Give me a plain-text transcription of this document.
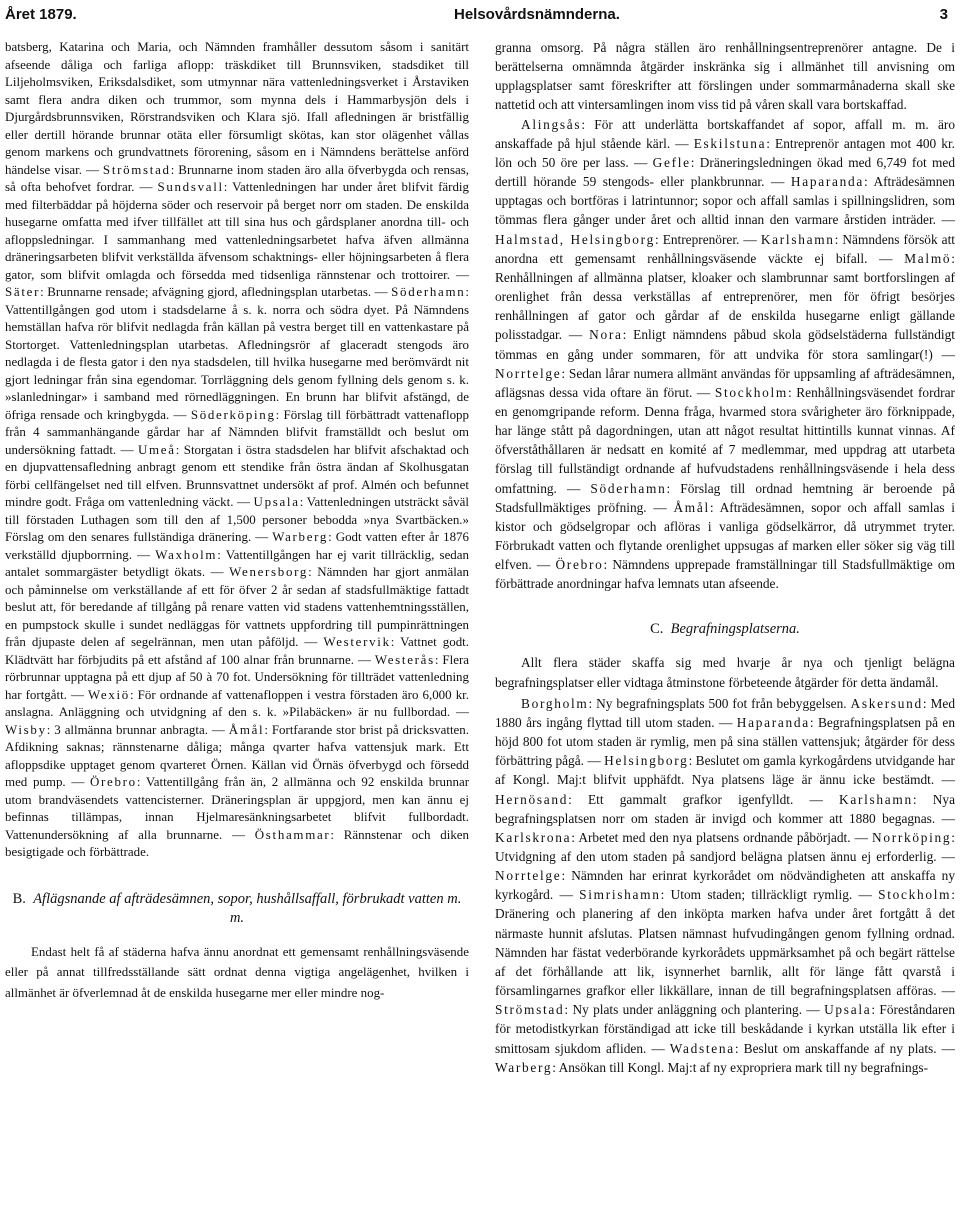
Året 1879.	Helsovårdsnämnderna.	3

batsberg, Katarina och Maria, och Nämnden framhåller dessutom såsom i sanitärt afseende dåliga och farliga aflopp: träskdiket till Brunnsviken, stadsdiket till Liljeholmsviken, Eriksdalsdiket, som utmynnar nära vattenledningsverket i Årstaviken samt flera andra diken och trummor, som mynna dels i Hammarbysjön dels i Djurgårdsbrunnsviken, Rörstrandsviken och Klara sjö. Ifall afledningen är bristfällig eller dertill hörande brunnar otäta eller försumligt skötas, kan stor olägenhet vållas genom markens och grundvattnets förorening, såsom en i Nämndens berättelse anförd händelse visar. — Strömstad: Brunnarne inom staden äro alla öfverbygda och rensas, så ofta behofvet fordrar. — Sundsvall: Vattenledningen har under året blifvit färdig med filterbäddar på höjderna söder och reservoir på berget norr om staden. De enskilda husegarne omfatta med ifver tillfället att till sina hus och gårdsplaner anordna till- och afloppsledningar. I sammanhang med vattenledningsarbetet hafva äfven allmänna dräneringsarbeten blifvit verkställda äfvensom schaktnings- eller höjningsarbeten å flera gator, som blifvit omlagda och försedda med tidsenliga rännstenar och trottoirer. — Säter: Brunnarne rensade; afvägning gjord, afledningsplan utarbetas. — Söderhamn: Vattentillgången god utom i stadsdelarne å s. k. norra och södra dyet. På Nämndens hemställan hafva rör blifvit nedlagda från källan på vestra berget till en vattenkastare på Stortorget. Vattenledningsplan utarbetas. Afledningsrör af glaceradt stengods äro nedlagda i de flesta gator i den nya stadsdelen, till hvilka husegarne med berömvärdt nit gjort ledningar från sina egendomar. Torrläggning dels genom fyllning dels genom s. k. »slanledningar» i samband med rörnedläggningen. En brunn har blifvit afstängd, de öfriga rensade och kringbygda. — Söderköping: Förslag till förbättradt vattenaflopp från 4 sammanhängande gårdar har af Nämnden blifvit framställdt och beslut om undersökning fattadt. — Umeå: Storgatan i östra stadsdelen har blifvit afschaktad och en djupvattensafledning anbragt genom ett stendike från östra ändan af Skolhusgatan förbi cellfängelset ned till elfven. Brunnsvattnet undersökt af prof. Almén och befunnet mindre godt. Fråga om vattenledning väckt. — Upsala: Vattenledningen utsträckt såväl till förstaden Luthagen som till den af 1,500 personer bebodda »nya Svartbäcken.» Förslag om den senares fullständiga dränering. — Warberg: Godt vatten efter år 1876 verkställd djupborrning. — Waxholm: Vattentillgången har ej varit tillräcklig, sedan antalet sommargäster betydligt ökats. — Wenersborg: Nämnden har gjort anmälan och påminnelse om verkställande af ett för öfver 2 år sedan af stadsfullmäktige fattadt beslut att, för beredande af tillgång på renare vatten vid stadens vattenhemtningsställen, en pumpstock skulle i sundet nedläggas för vattnets uppfordring till pumpinrättningen från djupaste delen af segelrännan, men utan påföljd. — Westervik: Vattnet godt. Klädtvätt har förbjudits på ett afstånd af 100 alnar från brunnarne. — Westerås: Flera rörbrunnar upptagna på ett djup af 50 à 70 fot. Undersökning för tillträdet vattenledning har fortgått. — Wexiö: För ordnande af vattenafloppen i vestra förstaden äro 6,000 kr. anslagna. Anläggning och utvidgning af den s. k. »Pilabäcken» är nu fullbordad. — Wisby: 3 allmänna brunnar anbragta. — Åmål: Fortfarande stor brist på dricksvatten. Afdikning saknas; rännstenarne dåliga; många qvarter hafva vattensjuk mark. Ett afloppsdike upptaget genom qvarteret Örnen. Källan vid Örnäs öfverbygd och försedd med pump. — Örebro: Vattentillgång från än, 2 allmänna och 92 enskilda brunnar utom brandväsendets vattencisterner. Dräneringsplan är uppgjord, men kan ännu ej befinnas tillämpas, innan Hjelmaresänkningsarbetet blifvit fullbordadt. Vattenundersökning af alla brunnarne. — Östhammar: Rännstenar och diken besigtigade och förbättrade.

B. Aflägsnande af afträdesämnen, sopor, hushållsaffall, förbrukadt vatten m. m.

Endast helt få af städerna hafva ännu anordnat ett gemensamt renhållningsväsende eller på annat tillfredsställande sätt ordnat denna vigtiga angelägenhet, hvilken i allmänhet är öfverlemnad åt de enskilda husegarne mer eller mindre nog-

granna omsorg. På några ställen äro renhållningsentreprenörer antagne. De i berättelserna omnämnda åtgärder inskränka sig i allmänhet till anvisning om upplagsplatser samt föreskrifter att förslingen under sommarmånaderna skall ske nattetid och att vintersamlingen inom viss tid på våren skall vara bortskaffad.

Alingsås: För att underlätta bortskaffandet af sopor, affall m. m. äro anskaffade på hjul stående kärl. — Eskilstuna: Entreprenör antagen mot 400 kr. lön och 50 öre per lass. — Gefle: Dräneringsledningen ökad med 6,749 fot med dertill hörande 59 stengods- eller plankbrunnar. — Haparanda: Afträdesämnen upptagas och bortföras i latrintunnor; sopor och affall samlas i spillningslidren, som tömmas flera gånger under året och alltid innan den varmare årstiden inträder. — Halmstad, Helsingborg: Entreprenörer. — Karlshamn: Nämndens försök att anordna ett gemensamt renhållningsväsende väckte ej bifall. — Malmö: Renhållningen af allmänna platser, kloaker och slambrunnar samt bortforslingen af orenlighet från dessa verkställas af entreprenörer, men för öfrigt besörjes renhållningen af gator och gårdar af de enskilda husegarne enligt gällande polisstadgar. — Nora: Enligt nämndens påbud skola gödselstäderna fullständigt tömmas en gång under sommaren, för att undvika för stora samlingar(!) — Norrtelge: Sedan lårar numera allmänt användas för uppsamling af afträdesämnen, aflägsnas dessa vida oftare än förut. — Stockholm: Renhållningsväsendet fordrar en genomgripande reform. Denna fråga, hvarmed stora svårigheter äro förknippade, har länge stått på dagordningen, utan att något resultat hittintills kunnat vinnas. Af öfverståthållaren är nedsatt en komité af 7 medlemmar, med uppdrag att utarbeta förslag till fullständigt ordnande af hufvudstadens renhållningsväsende i hela dess omfattning. — Söderhamn: Förslag till ordnad hemtning är beroende på Stadsfullmäktiges pröfning. — Åmål: Afträdesämnen, sopor och affall samlas i kistor och gödselgropar och aflöras i vanliga gödselkärror, då utrymmet tryter. Förbrukadt vatten och flytande orenlighet uppsugas af marken eller söker sig väg till elfven. — Örebro: Nämndens upprepade framställningar till Stadsfullmäktige om förbättrade anordningar hafva lemnats utan afseende.

C. Begrafningsplatserna.

Allt flera städer skaffa sig med hvarje år nya och tjenligt belägna begrafningsplatser eller vidtaga åtminstone förbeteende åtgärder för detta ändamål.

Borgholm: Ny begrafningsplats 500 fot från bebyggelsen. Askersund: Med 1880 års ingång flyttad till utom staden. — Haparanda: Begrafningsplatsen på en höjd 800 fot utom staden är rymlig, men på sina ställen vattensjuk; åtgärder för dess förbättring pågå. — Helsingborg: Beslutet om gamla kyrkogårdens utvidgande har af Kongl. Maj:t blifvit upphäfdt. Nya platsens läge är ännu icke bestämdt. — Hernösand: Ett gammalt grafkor igenfylldt. — Karlshamn: Nya begrafningsplatsen norr om staden är invigd och kommer att 1880 begagnas. — Karlskrona: Arbetet med den nya platsens ordnande påbörjadt. — Norrköping: Utvidgning af den utom staden på sandjord belägna platsen ännu ej erforderlig. — Norrtelge: Nämnden har erinrat kyrkorådet om nödvändigheten att anskaffa ny kyrkogård. — Simrishamn: Utom staden; tillräckligt rymlig. — Stockholm: Dränering och planering af den inköpta marken hafva under året fortgått å det närmaste hunnit afslutas. Platsen nämnast hufvudingången genom fyllning ordnad. Nämnden har fästat vederbörande kyrkorådets uppmärksamhet på och begärt rättelse af det förhållande att lik, isynnerhet barnlik, allt för länge fått qvarstå i församlingarnes grafkor eller likkällare, innan de till begrafningsplatsen afföras. — Strömstad: Ny plats under anläggning och plantering. — Upsala: Föreståndaren för metodistkyrkan förständigad att icke till beskådande i kyrkan utställa lik efter i smittosam sjukdom afliden. — Wadstena: Beslut om anskaffande af ny plats. — Warberg: Ansökan till Kongl. Maj:t af ny expropriera mark till ny begrafnings-
